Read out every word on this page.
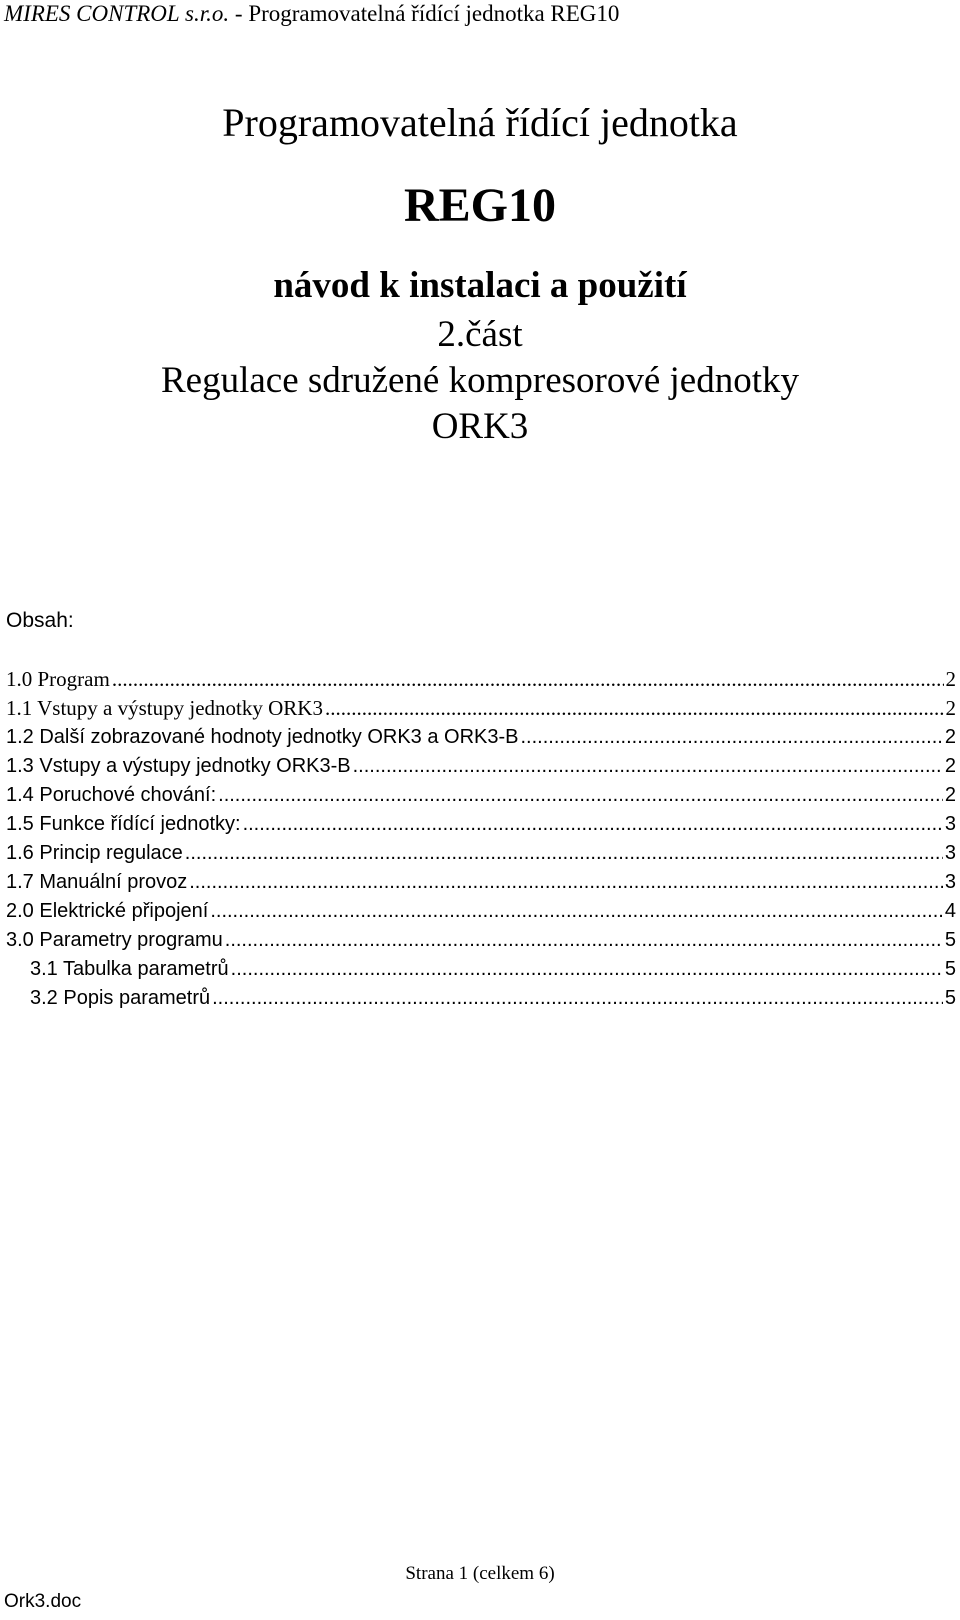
MIRES CONTROL s.r.o. - Programovatelná řídící jednotka REG10
Programovatelná řídící jednotka
REG10
návod k instalaci a použití
2.část
Regulace sdružené kompresorové jednotky
ORK3
Obsah:
1.0 Program .....	2
1.1 Vstupy a výstupy jednotky ORK3 .....	2
1.2 Další zobrazované hodnoty jednotky ORK3 a ORK3-B .....	2
1.3 Vstupy a výstupy jednotky ORK3-B .....	2
1.4 Poruchové chování: .....	2
1.5 Funkce řídící jednotky: .....	3
1.6 Princip regulace .....	3
1.7 Manuální provoz .....	3
2.0 Elektrické připojení .....	4
3.0 Parametry programu .....	5
3.1 Tabulka parametrů .....	5
3.2 Popis parametrů .....	5
Strana 1 (celkem 6)
Ork3.doc
